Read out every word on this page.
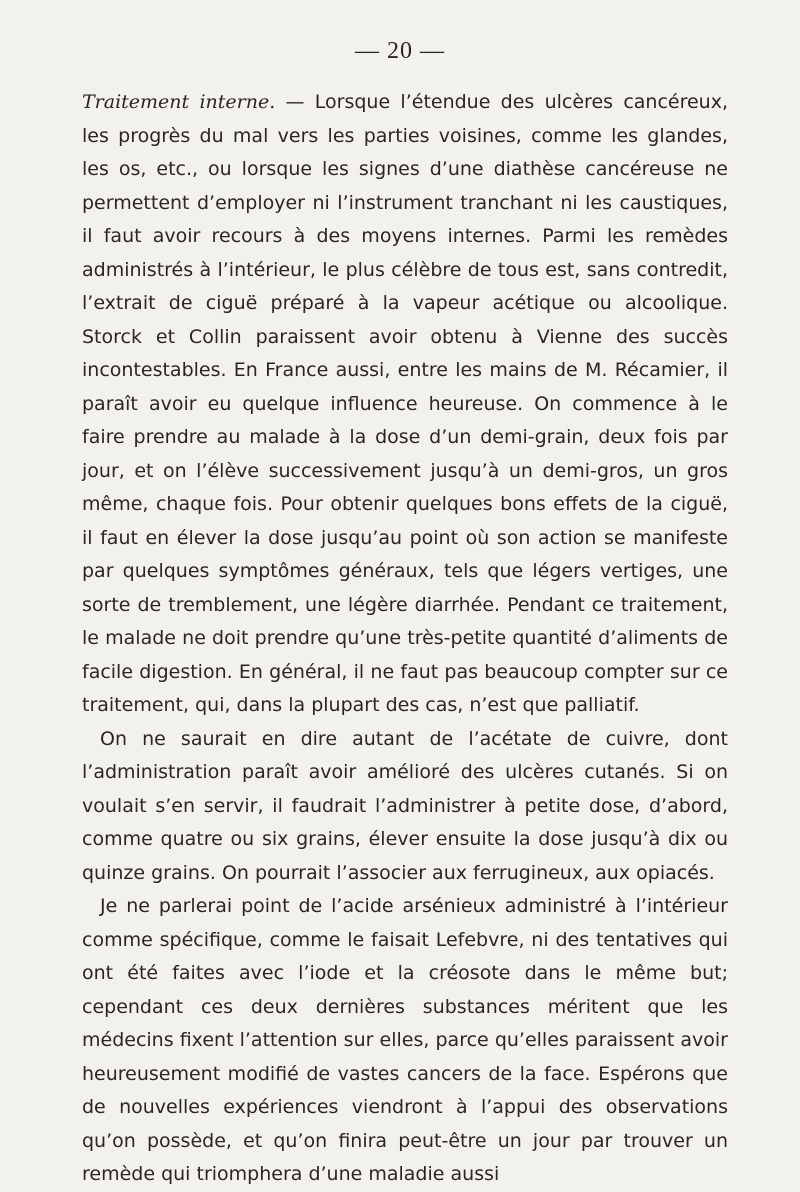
— 20 —

Traitement interne. — Lorsque l’étendue des ulcères cancéreux, les progrès du mal vers les parties voisines, comme les glandes, les os, etc., ou lorsque les signes d’une diathèse cancéreuse ne permettent d’employer ni l’instrument tranchant ni les caustiques, il faut avoir recours à des moyens internes. Parmi les remèdes administrés à l’intérieur, le plus célèbre de tous est, sans contredit, l’extrait de ciguë préparé à la vapeur acétique ou alcoolique. Storck et Collin paraissent avoir obtenu à Vienne des succès incontestables. En France aussi, entre les mains de M. Récamier, il paraît avoir eu quelque influence heureuse. On commence à le faire prendre au malade à la dose d’un demi-grain, deux fois par jour, et on l’élève successivement jusqu’à un demi-gros, un gros même, chaque fois. Pour obtenir quelques bons effets de la ciguë, il faut en élever la dose jusqu’au point où son action se manifeste par quelques symptômes généraux, tels que légers vertiges, une sorte de tremblement, une légère diarrhée. Pendant ce traitement, le malade ne doit prendre qu’une très-petite quantité d’aliments de facile digestion. En général, il ne faut pas beaucoup compter sur ce traitement, qui, dans la plupart des cas, n’est que palliatif.

On ne saurait en dire autant de l’acétate de cuivre, dont l’administration paraît avoir amélioré des ulcères cutanés. Si on voulait s’en servir, il faudrait l’administrer à petite dose, d’abord, comme quatre ou six grains, élever ensuite la dose jusqu’à dix ou quinze grains. On pourrait l’associer aux ferrugineux, aux opiacés.

Je ne parlerai point de l’acide arsénieux administré à l’intérieur comme spécifique, comme le faisait Lefebvre, ni des tentatives qui ont été faites avec l’iode et la créosote dans le même but; cependant ces deux dernières substances méritent que les médecins fixent l’attention sur elles, parce qu’elles paraissent avoir heureusement modifié de vastes cancers de la face. Espérons que de nouvelles expériences viendront à l’appui des observations qu’on possède, et qu’on finira peut-être un jour par trouver un remède qui triomphera d’une maladie aussi
